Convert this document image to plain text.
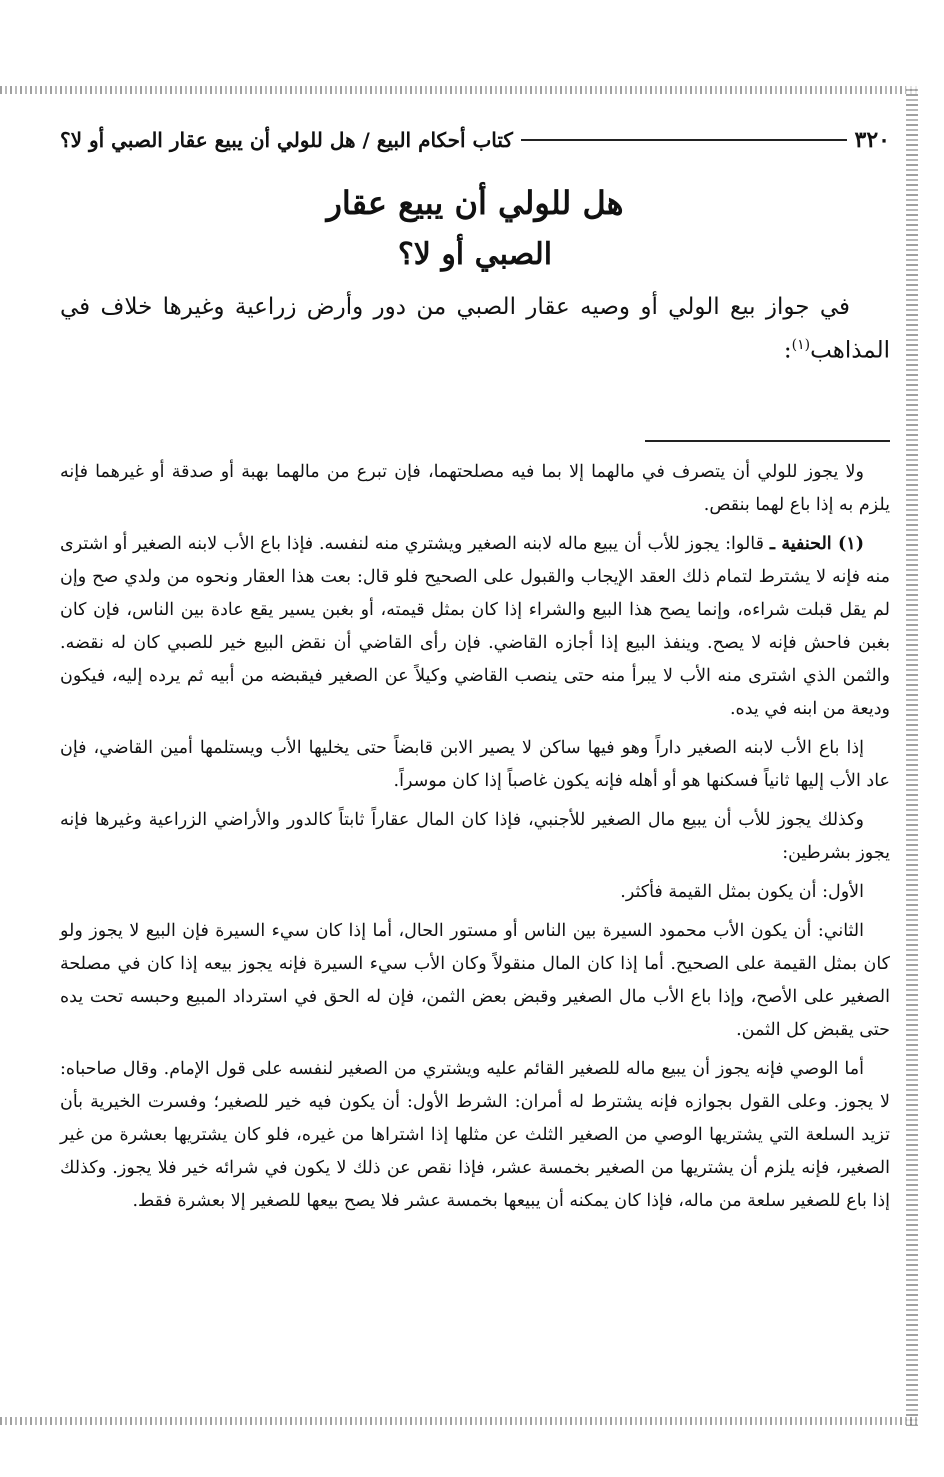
٣٢٠
كتاب أحكام البيع / هل للولي أن يبيع عقار الصبي أو لا؟
هل للولي أن يبيع عقار
الصبي أو لا؟

في جواز بيع الولي أو وصيه عقار الصبي من دور وأرض زراعية وغيرها خلاف في المذاهب$^{(١)}$:

ولا يجوز للولي أن يتصرف في مالهما إلا بما فيه مصلحتهما، فإن تبرع من مالهما بهبة أو صدقة أو غيرهما فإنه يلزم به إذا باع لهما بنقص.

(١) الحنفية ـ قالوا: يجوز للأب أن يبيع ماله لابنه الصغير ويشتري منه لنفسه. فإذا باع الأب لابنه الصغير أو اشترى منه فإنه لا يشترط لتمام ذلك العقد الإيجاب والقبول على الصحيح فلو قال: بعت هذا العقار ونحوه من ولدي صح وإن لم يقل قبلت شراءه، وإنما يصح هذا البيع والشراء إذا كان بمثل قيمته، أو بغبن يسير يقع عادة بين الناس، فإن كان بغبن فاحش فإنه لا يصح. وينفذ البيع إذا أجازه القاضي. فإن رأى القاضي أن نقض البيع خير للصبي كان له نقضه. والثمن الذي اشترى منه الأب لا يبرأ منه حتى ينصب القاضي وكيلاً عن الصغير فيقبضه من أبيه ثم يرده إليه، فيكون وديعة من ابنه في يده.

إذا باع الأب لابنه الصغير داراً وهو فيها ساكن لا يصير الابن قابضاً حتى يخليها الأب ويستلمها أمين القاضي، فإن عاد الأب إليها ثانياً فسكنها هو أو أهله فإنه يكون غاصباً إذا كان موسراً.

وكذلك يجوز للأب أن يبيع مال الصغير للأجنبي، فإذا كان المال عقاراً ثابتاً كالدور والأراضي الزراعية وغيرها فإنه يجوز بشرطين:

الأول: أن يكون بمثل القيمة فأكثر.

الثاني: أن يكون الأب محمود السيرة بين الناس أو مستور الحال، أما إذا كان سيء السيرة فإن البيع لا يجوز ولو كان بمثل القيمة على الصحيح. أما إذا كان المال منقولاً وكان الأب سيء السيرة فإنه يجوز بيعه إذا كان في مصلحة الصغير على الأصح، وإذا باع الأب مال الصغير وقبض بعض الثمن، فإن له الحق في استرداد المبيع وحبسه تحت يده حتى يقبض كل الثمن.

أما الوصي فإنه يجوز أن يبيع ماله للصغير القائم عليه ويشتري من الصغير لنفسه على قول الإمام. وقال صاحباه: لا يجوز. وعلى القول بجوازه فإنه يشترط له أمران: الشرط الأول: أن يكون فيه خير للصغير؛ وفسرت الخيرية بأن تزيد السلعة التي يشتريها الوصي من الصغير الثلث عن مثلها إذا اشتراها من غيره، فلو كان يشتريها بعشرة من غير الصغير، فإنه يلزم أن يشتريها من الصغير بخمسة عشر، فإذا نقص عن ذلك لا يكون في شرائه خير فلا يجوز. وكذلك إذا باع للصغير سلعة من ماله، فإذا كان يمكنه أن يبيعها بخمسة عشر فلا يصح بيعها للصغير إلا بعشرة فقط.
